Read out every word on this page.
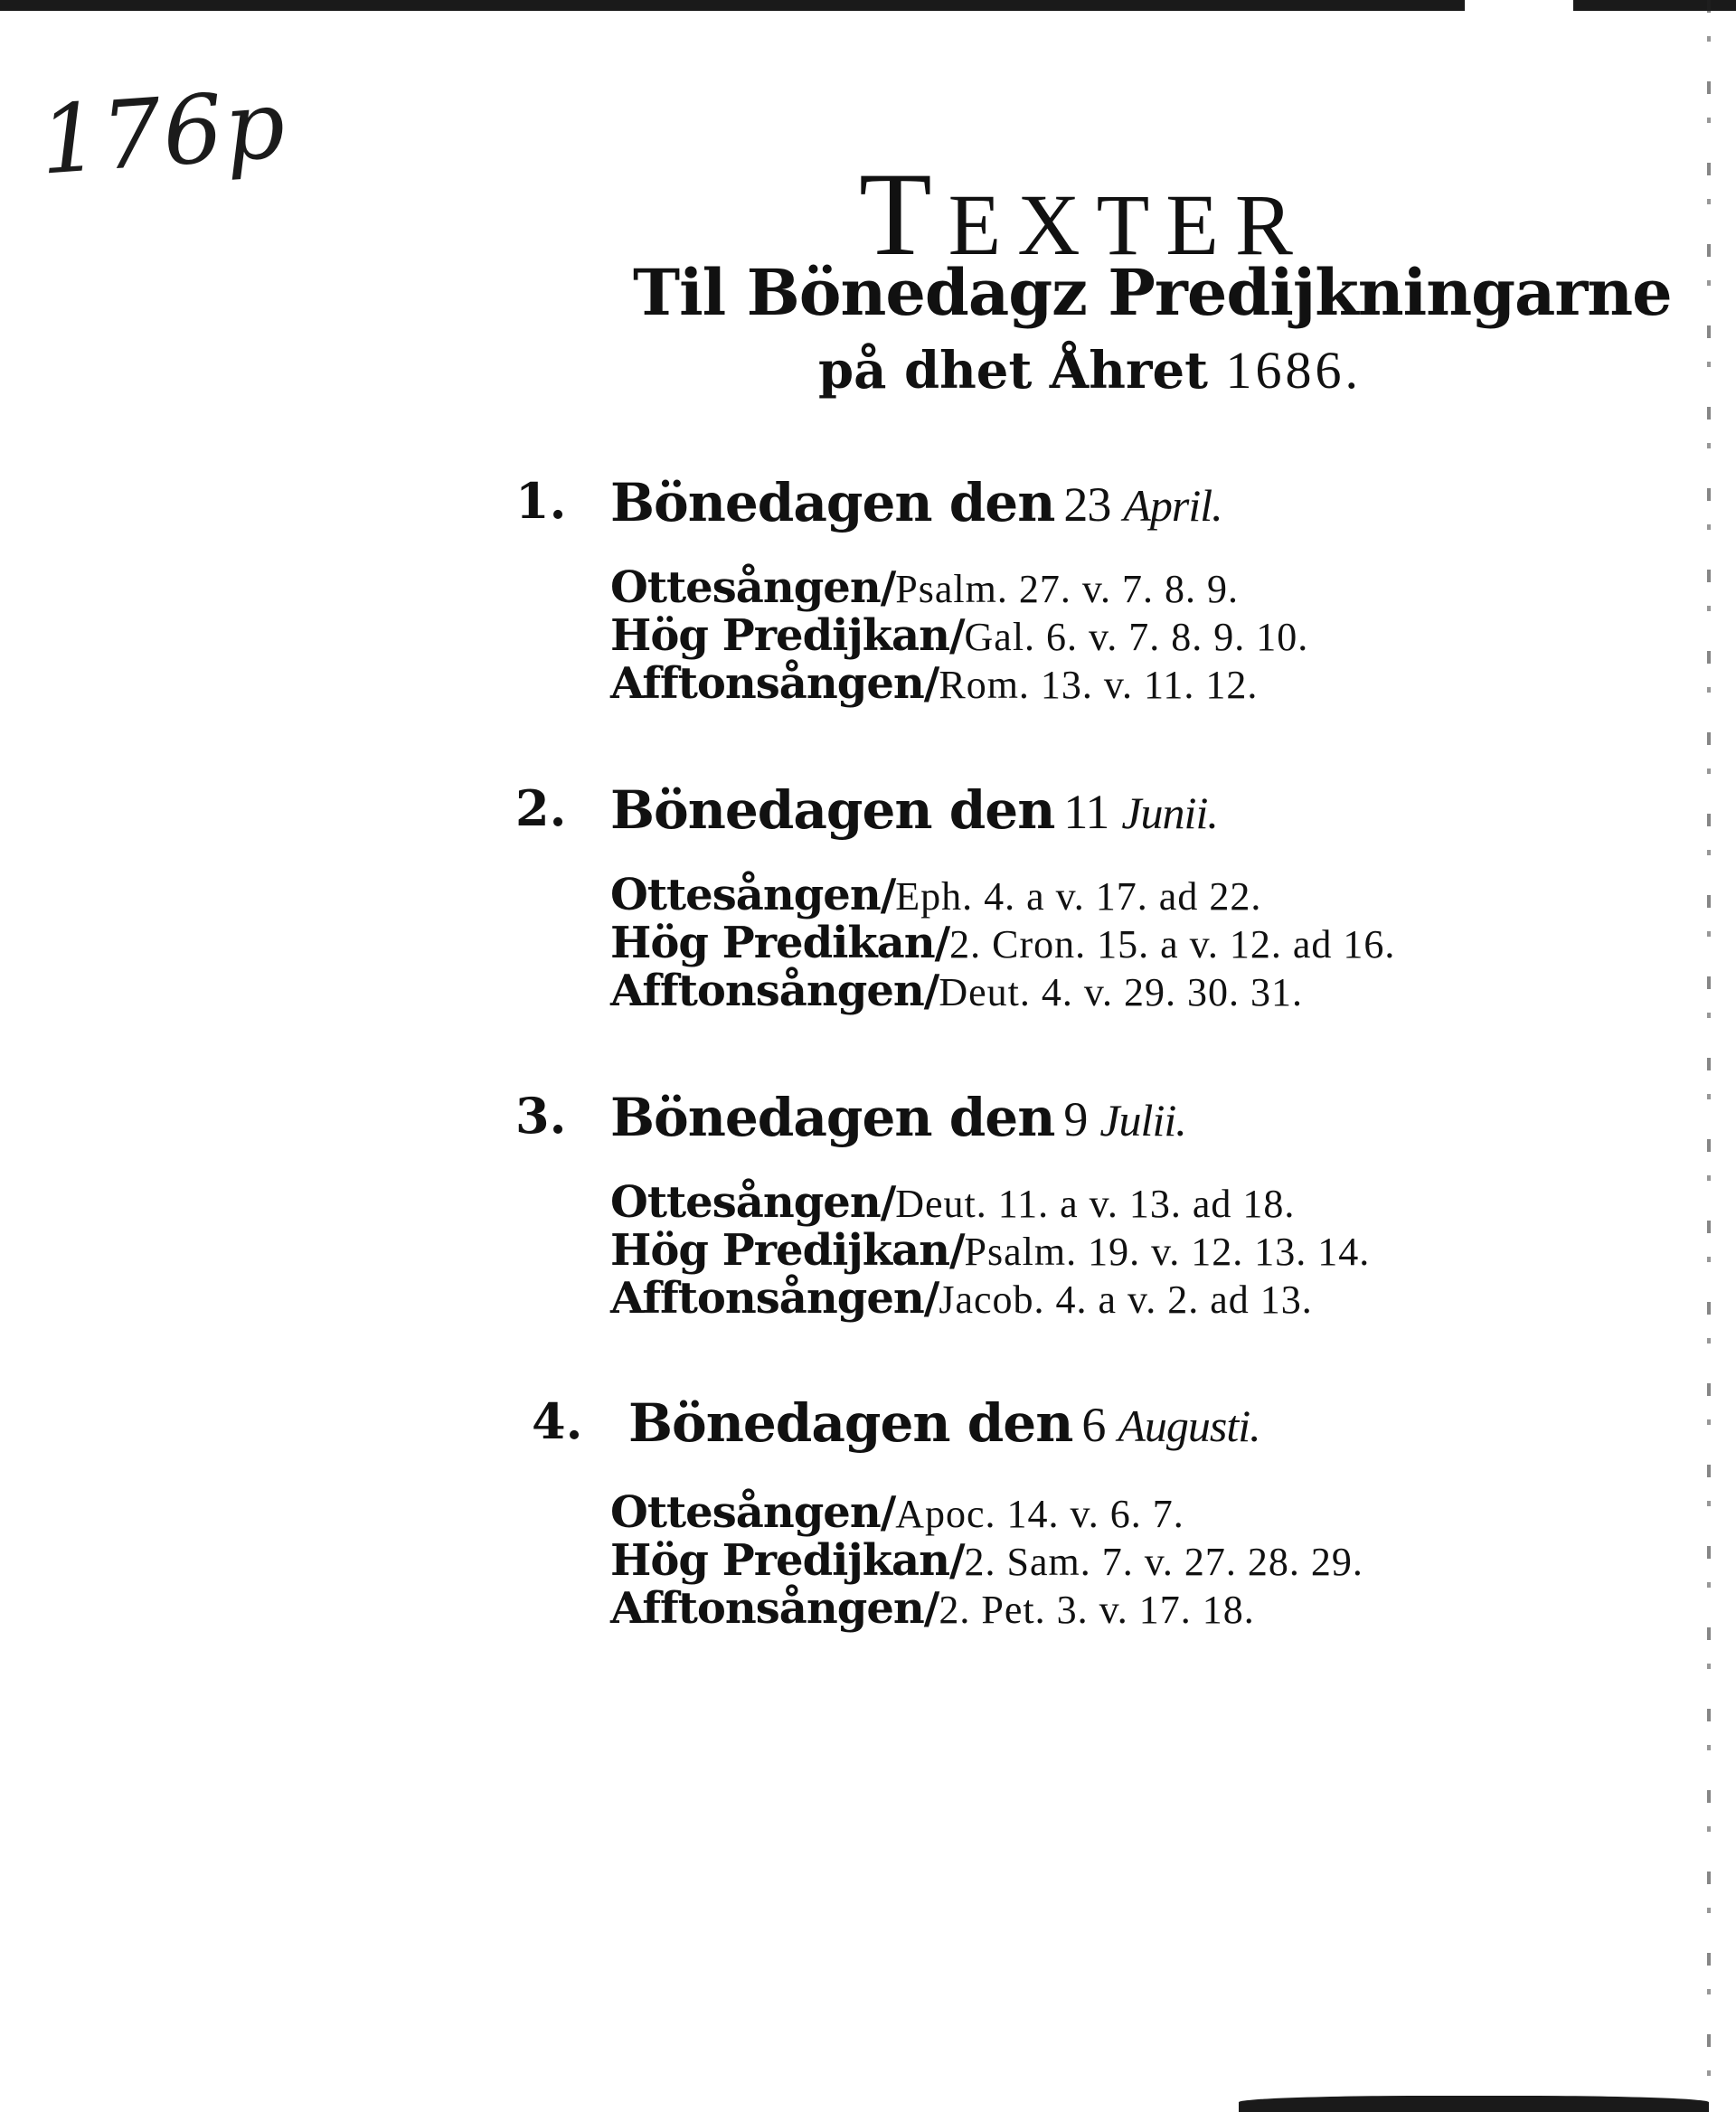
176p
TEXTER
Til Bönedagz Predijkningarne
på dhet Åhret 1686.
1. Bönedagen den 23 April.
Ottesången/Psalm. 27. v. 7. 8. 9.
Hög Predijkan/Gal. 6. v. 7. 8. 9. 10.
Afftonsången/Rom. 13. v. 11. 12.
2. Bönedagen den 11 Junii.
Ottesången/Eph. 4. a v. 17. ad 22.
Hög Predikan/2. Cron. 15. a v. 12. ad 16.
Afftonsången/Deut. 4. v. 29. 30. 31.
3. Bönedagen den 9 Julii.
Ottesången/Deut. 11. a v. 13. ad 18.
Hög Predijkan/Psalm. 19. v. 12. 13. 14.
Afftonsången/Jacob. 4. a v. 2. ad 13.
4. Bönedagen den 6 Augusti.
Ottesången/Apoc. 14. v. 6. 7.
Hög Predijkan/2. Sam. 7. v. 27. 28. 29.
Afftonsången/2. Pet. 3. v. 17. 18.
